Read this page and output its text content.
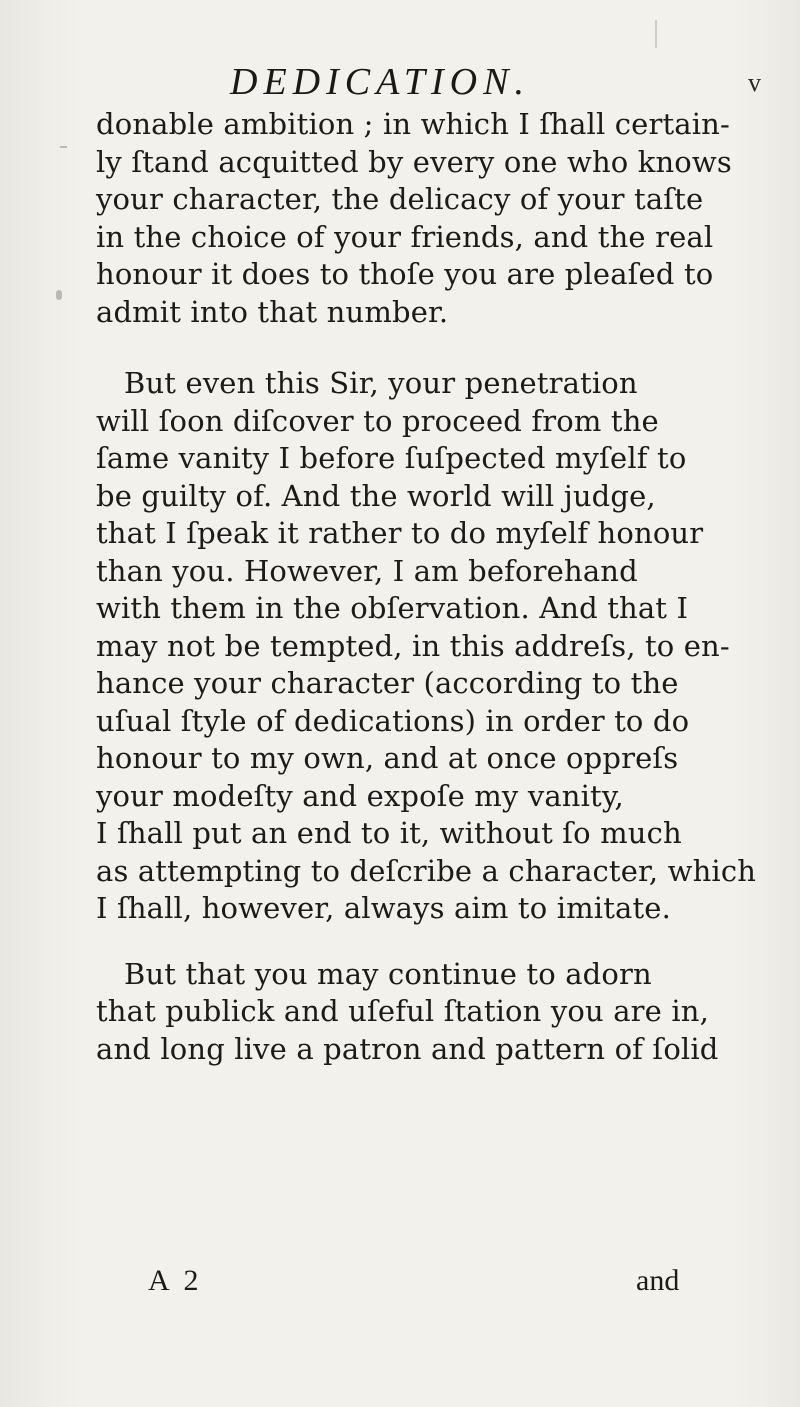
DEDICATION.	v
donable ambition ; in which I ſhall certain-
ly ſtand acquitted by every one who knows
your character, the delicacy of your taſte
in the choice of your friends, and the real
honour it does to thoſe you are pleaſed to
admit into that number.
But even this Sir, your penetration
will ſoon diſcover to proceed from the
ſame vanity I before ſuſpected myſelf to
be guilty of. And the world will judge,
that I ſpeak it rather to do myſelf honour
than you. However, I am beforehand
with them in the obſervation. And that I
may not be tempted, in this addreſs, to en-
hance your character (according to the
uſual ſtyle of dedications) in order to do
honour to my own, and at once oppreſs
your modeſty and expoſe my vanity,
I ſhall put an end to it, without ſo much
as attempting to deſcribe a character, which
I ſhall, however, always aim to imitate.
But that you may continue to adorn
that publick and uſeful ſtation you are in,
and long live a patron and pattern of ſolid
A 2	and
